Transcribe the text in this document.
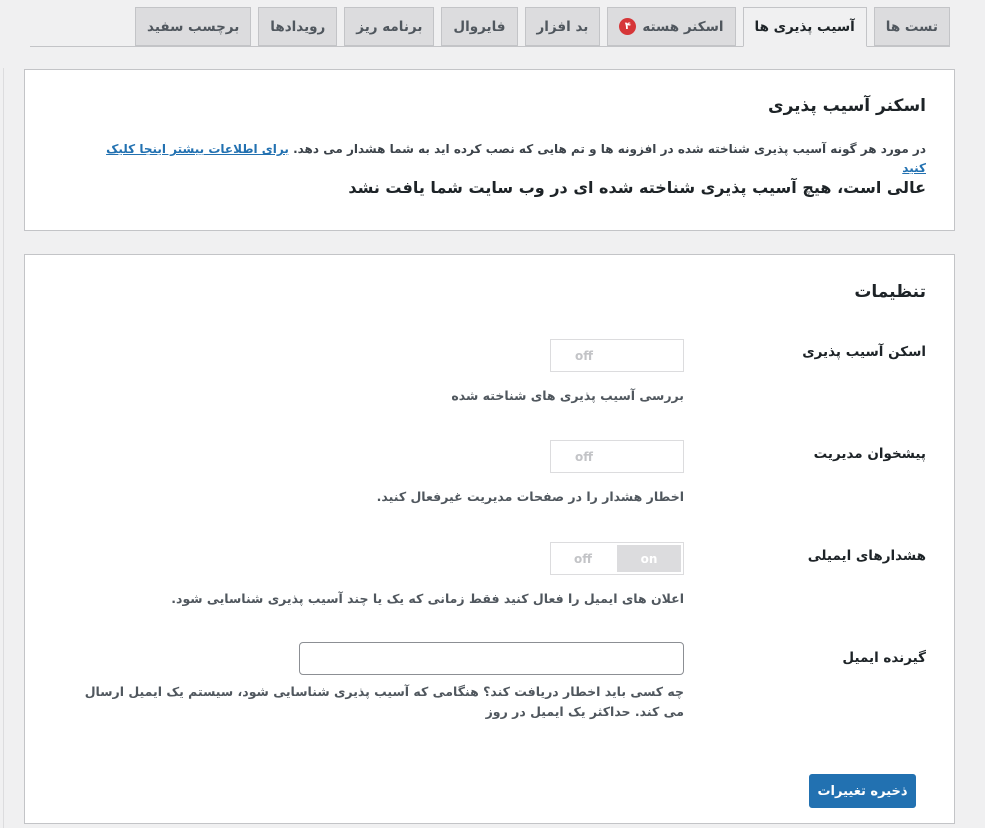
تست ها
آسیب پذیری ها
اسکنر هسته
۴
بد افزار
فایروال
برنامه ریز
رویدادها
برچسب سفید
اسکنر آسیب پذیری
در مورد هر گونه آسیب پذیری شناخته شده در افزونه ها و تم هایی که نصب کرده اید به شما هشدار می دهد. برای اطلاعات بیشتر اینجا کلیک کنید
عالی است، هیچ آسیب پذیری شناخته شده ای در وب سایت شما یافت نشد
تنظیمات
اسکن آسیب پذیری
off
بررسی آسیب پذیری های شناخته شده
پیشخوان مدیریت
off
اخطار هشدار را در صفحات مدیریت غیرفعال کنید.
هشدارهای ایمیلی
off	on
اعلان های ایمیل را فعال کنید فقط زمانی که یک یا چند آسیب پذیری شناسایی شود.
گیرنده ایمیل
چه کسی باید اخطار دریافت کند؟ هنگامی که آسیب پذیری شناسایی شود، سیستم یک ایمیل ارسال می کند. حداکثر یک ایمیل در روز
ذخیره تغییرات
